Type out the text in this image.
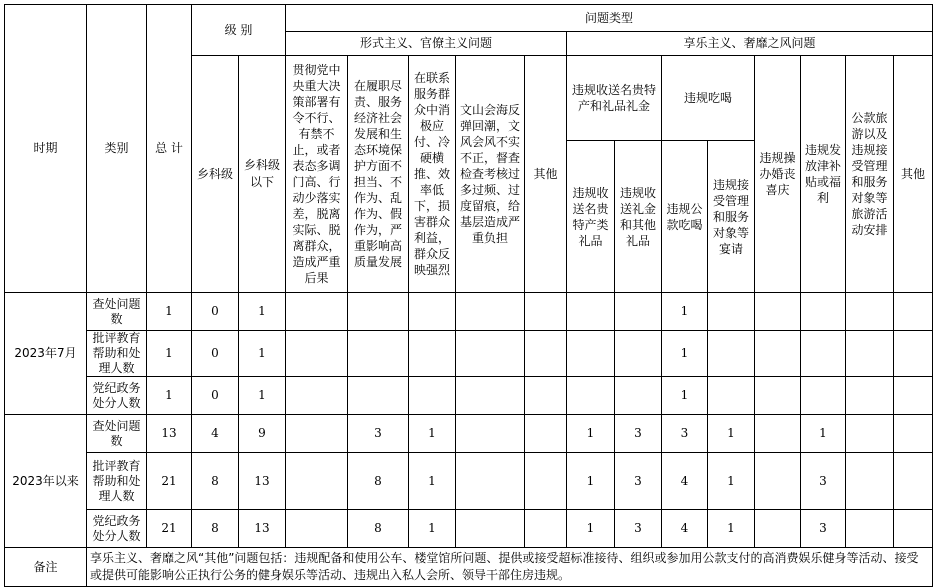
时期	类别	总 计	级 别		问题类型												
					形式主义、官僚主义问题					享乐主义、奢靡之风问题							
			乡科级	乡科级以下	贯彻党中央重大决策部署有令不行、有禁不止，或者表态多调门高、行动少落实差，脱离实际、脱离群众，造成严重后果	在履职尽责、服务经济社会发展和生态环境保护方面不担当、不作为、乱作为、假作为，严重影响高质量发展	在联系服务群众中消极应付、冷硬横推、效率低下，损害群众利益，群众反映强烈	文山会海反弹回潮，文风会风不实不正，督查检查考核过多过频、过度留痕，给基层造成严重负担	其他	违规收送名贵特产和礼品礼金		违规吃喝		违规操办婚丧喜庆	违规发放津补贴或福利	公款旅游以及违规接受管理和服务对象等旅游活动安排	其他
										违规收送名贵特产类礼品	违规收送礼金和其他礼品	违规公款吃喝	违规接受管理和服务对象等宴请				
2023年7月	查处问题数	1	0	1								1					
	批评教育帮助和处理人数	1	0	1								1					
	党纪政务处分人数	1	0	1								1					
2023年以来	查处问题数	13	4	9		3	1			1	3	3	1		1		
	批评教育帮助和处理人数	21	8	13		8	1			1	3	4	1		3		
	党纪政务处分人数	21	8	13		8	1			1	3	4	1		3		
备注	享乐主义、奢靡之风“其他”问题包括：违规配备和使用公车、楼堂馆所问题、提供或接受超标准接待、组织或参加用公款支付的高消费娱乐健身等活动、接受或提供可能影响公正执行公务的健身娱乐等活动、违规出入私人会所、领导干部住房违规。																
